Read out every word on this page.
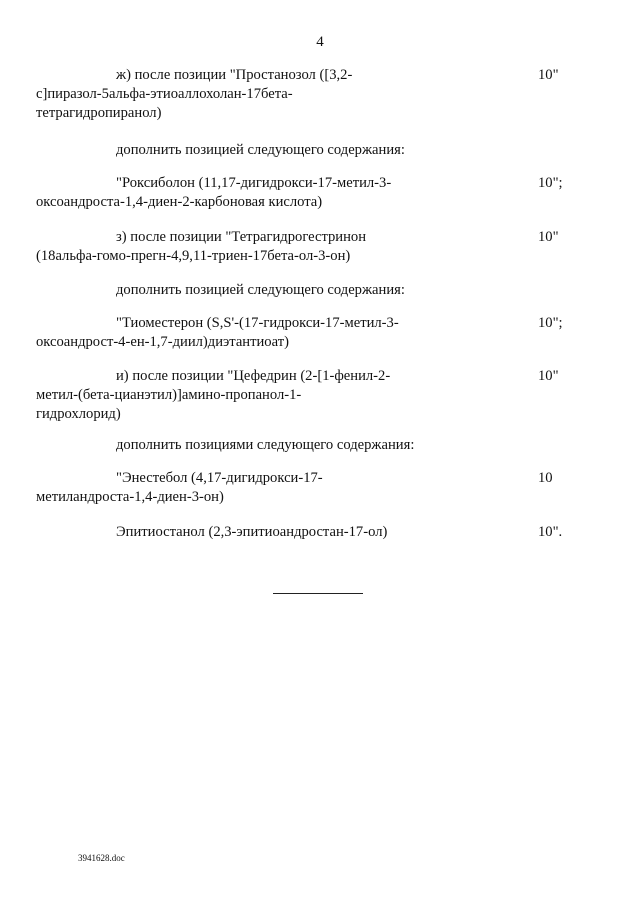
4
ж) после позиции "Простанозол ([3,2-
с]пиразол-5альфа-этиоаллохолан-17бета-
тетрагидропиранол)
10"
дополнить позицией следующего содержания:
"Роксиболон (11,17-дигидрокси-17-метил-3-
оксоандроста-1,4-диен-2-карбоновая кислота)
10";
з) после позиции "Тетрагидрогестринон
(18альфа-гомо-прегн-4,9,11-триен-17бета-ол-3-он)
10"
дополнить позицией следующего содержания:
"Тиоместерон (S,S'-(17-гидрокси-17-метил-3-
оксоандрост-4-ен-1,7-диил)диэтантиоат)
10";
и) после позиции "Цефедрин (2-[1-фенил-2-
метил-(бета-цианэтил)]амино-пропанол-1-
гидрохлорид)
10"
дополнить позициями следующего содержания:
"Энестебол (4,17-дигидрокси-17-
метиландроста-1,4-диен-3-он)
10
Эпитиостанол (2,3-эпитиоандростан-17-ол)	10".
3941628.doc
